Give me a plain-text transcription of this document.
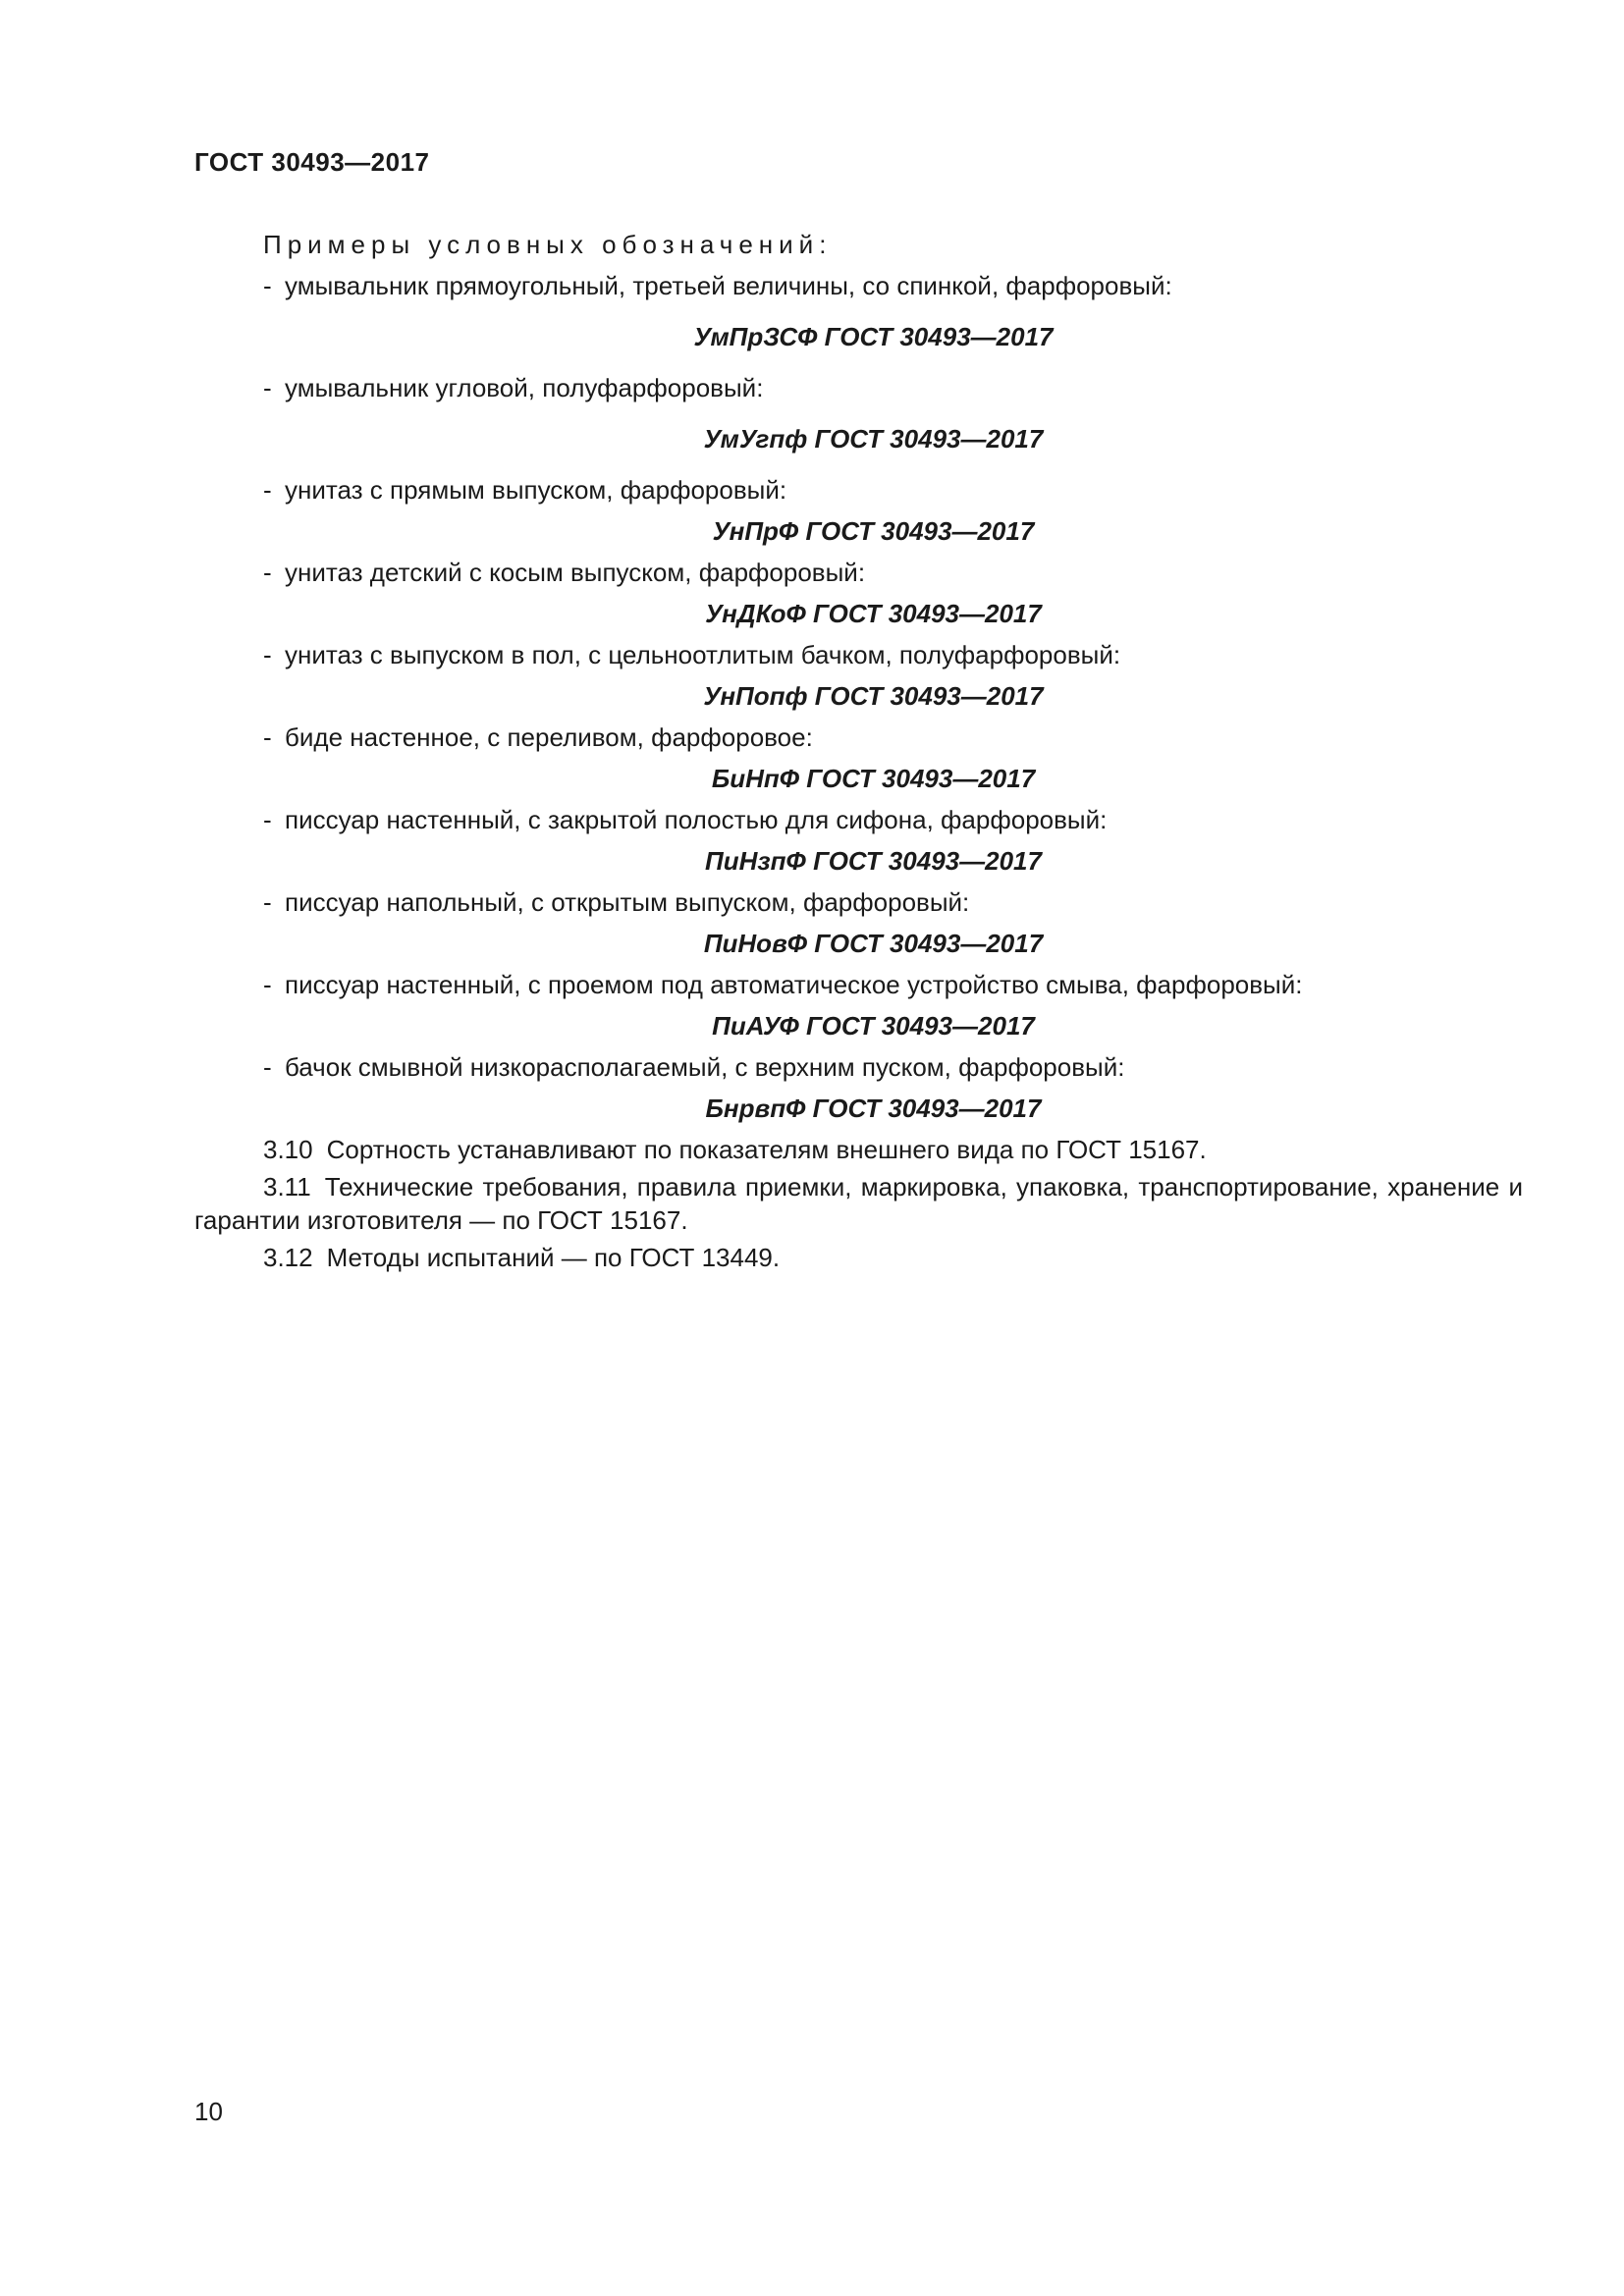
ГОСТ 30493—2017
Примеры условных обозначений:
- умывальник прямоугольный, третьей величины, со спинкой, фарфоровый:
УмПрЗСФ ГОСТ 30493—2017
- умывальник угловой, полуфарфоровый:
УмУгпф ГОСТ 30493—2017
- унитаз с прямым выпуском, фарфоровый:
УнПрФ ГОСТ 30493—2017
- унитаз детский с косым выпуском, фарфоровый:
УнДКоФ ГОСТ 30493—2017
- унитаз с выпуском в пол, с цельноотлитым бачком, полуфарфоровый:
УнПопф ГОСТ 30493—2017
- биде настенное, с переливом, фарфоровое:
БиНпФ ГОСТ 30493—2017
- писсуар настенный, с закрытой полостью для сифона, фарфоровый:
ПиНзпФ ГОСТ 30493—2017
- писсуар напольный, с открытым выпуском, фарфоровый:
ПиНовФ ГОСТ 30493—2017
- писсуар настенный, с проемом под автоматическое устройство смыва, фарфоровый:
ПиАУФ ГОСТ 30493—2017
- бачок смывной низкорасполагаемый, с верхним пуском, фарфоровый:
БнрвпФ ГОСТ 30493—2017

3.10 Сортность устанавливают по показателям внешнего вида по ГОСТ 15167.

3.11 Технические требования, правила приемки, маркировка, упаковка, транспортирование, хранение и гарантии изготовителя — по ГОСТ 15167.

3.12 Методы испытаний — по ГОСТ 13449.

10
